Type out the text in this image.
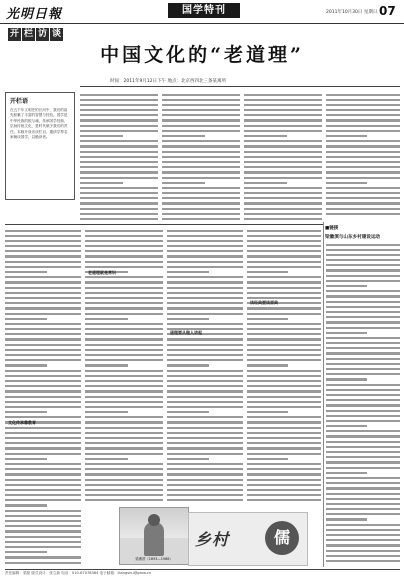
光明日報	国学特刊	2011年10月30日 星期日 07
开 栏 访 谈
中国文化的“老道理”
时间：2011年9月12日下午 地点：北京西四北三条某寓所
开栏语
在五千年文明史的长河中，我们的祖先积累了丰富的智慧与经验。国学是中华民族的根与魂，传承国学经典，弘扬传统文化，是时代赋予我们的责任。本版开设访谈栏目，邀请学界名家畅谈国学，以飨读者。
老道理就是常识
道理要从做人讲起
读经典要读原典
文化传承靠教育
■链接
梁漱溟与山东乡村建设运动
梁漱溟（1893—1988）
乡村	儒
责任编辑：梁枢 版式设计：张立新 电话：010-67078364 电子邮箱：lliangshu@gmw.cn
